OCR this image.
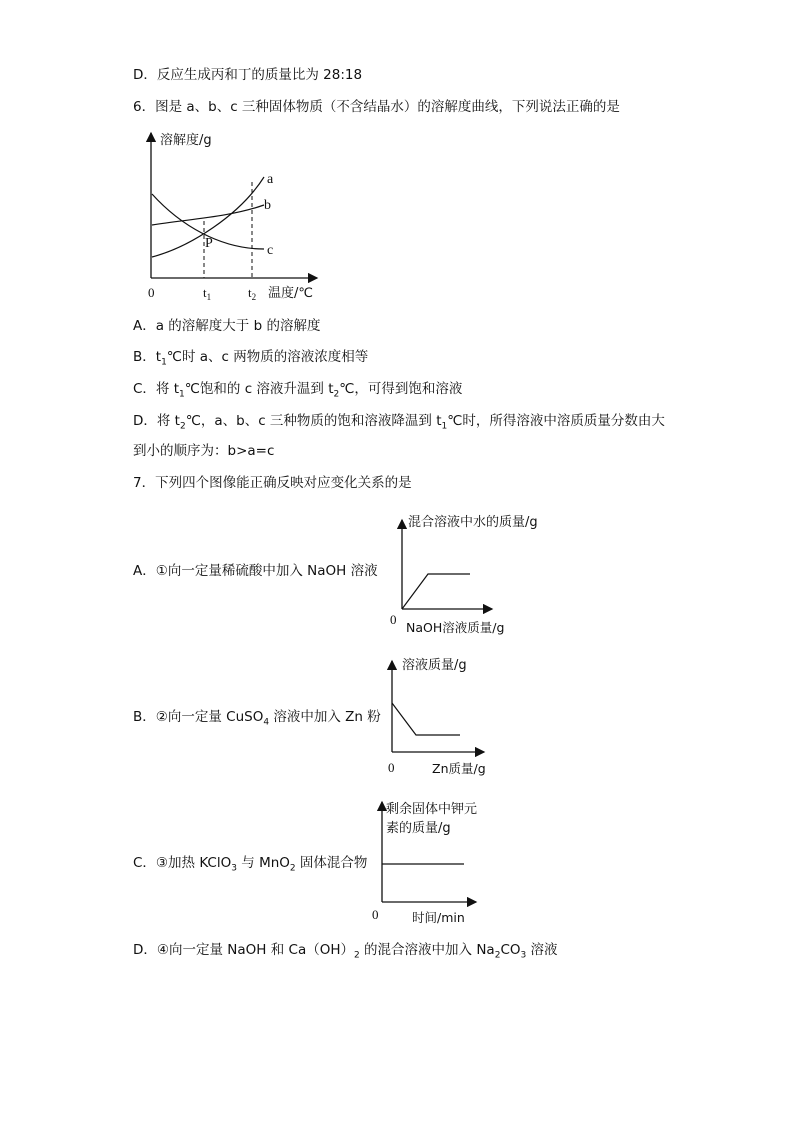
D．反应生成丙和丁的质量比为 28:18
6．图是 a、b、c 三种固体物质（不含结晶水）的溶解度曲线，下列说法正确的是
溶解度/g
a
b
c
P
0	$t_1$	$t_2$ 温度/℃
A．a 的溶解度大于 b 的溶解度
B．$t_1℃$时 a、c 两物质的溶液浓度相等
C．将 $t_1℃$饱和的 c 溶液升温到 $t_2℃$，可得到饱和溶液
D．将 $t_2℃$，a、b、c 三种物质的饱和溶液降温到 $t_1℃$时，所得溶液中溶质质量分数由大
到小的顺序为：b>a=c
7．下列四个图像能正确反映对应变化关系的是
A．①向一定量稀硫酸中加入 NaOH 溶液
混合溶液中水的质量/g
0
NaOH溶液质量/g
B．②向一定量 CuSO$_4$ 溶液中加入 Zn 粉
溶液质量/g
0	Zn质量/g
C．③加热 KClO$_3$ 与 MnO$_2$ 固体混合物
剩余固体中钾元
素的质量/g
0	时间/min
D．④向一定量 NaOH 和 $Ca(OH)_2$ 的混合溶液中加入 $Na_2CO_3$ 溶液
